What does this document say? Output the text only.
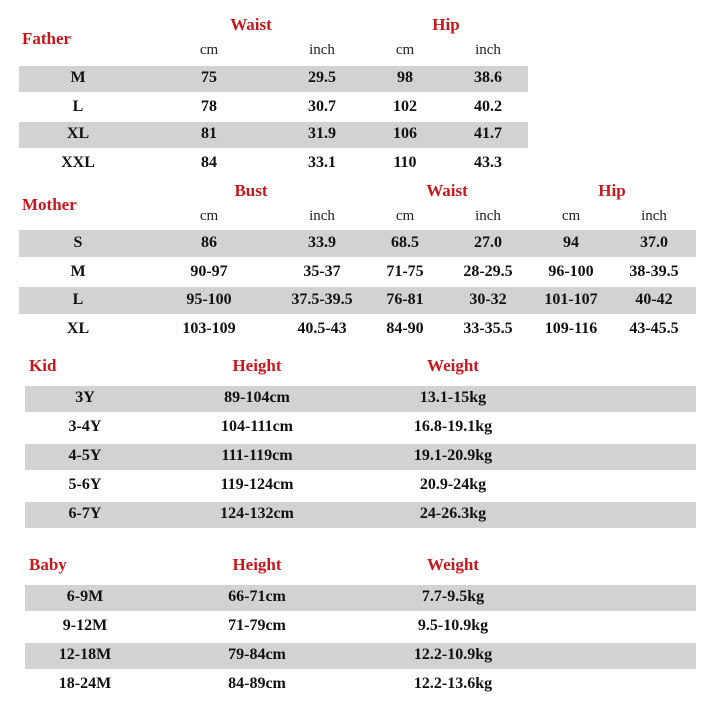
Father
Waist	Hip
cm	inch	cm	inch
M	75	29.5	98	38.6
L	78	30.7	102	40.2
XL	81	31.9	106	41.7
XXL	84	33.1	110	43.3
Mother
Bust	Waist	Hip
cm	inch	cm	inch	cm	inch
S	86	33.9	68.5	27.0	94	37.0
M	90-97	35-37	71-75 28-29.5 96-100 38-39.5
L	95-100	37.5-39.5 76-81	30-32 101-107 40-42
XL	103-109	40.5-43 84-90 33-35.5 109-116 43-45.5
Kid	Height	Weight
3Y	89-104cm	13.1-15kg
3-4Y	104-111cm	16.8-19.1kg
4-5Y	111-119cm	19.1-20.9kg
5-6Y	119-124cm	20.9-24kg
6-7Y	124-132cm	24-26.3kg
Baby	Height	Weight
6-9M	66-71cm	7.7-9.5kg
9-12M	71-79cm	9.5-10.9kg
12-18M	79-84cm	12.2-10.9kg
18-24M	84-89cm	12.2-13.6kg
